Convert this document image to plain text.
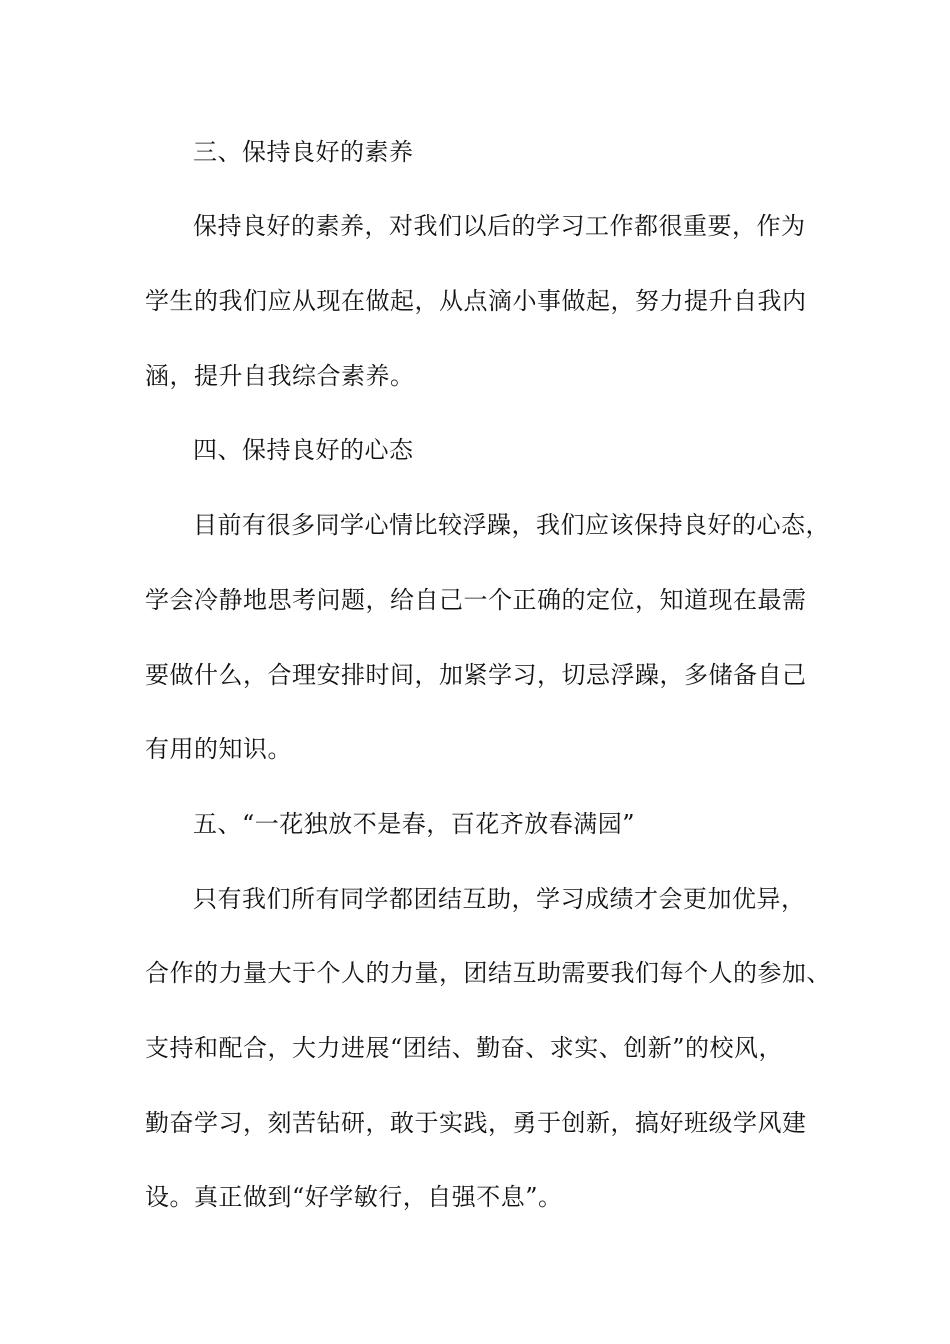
三、保持良好的素养
保持良好的素养，对我们以后的学习工作都很重要，作为
学生的我们应从现在做起，从点滴小事做起，努力提升自我内
涵，提升自我综合素养。
四、保持良好的心态
目前有很多同学心情比较浮躁，我们应该保持良好的心态，
学会冷静地思考问题，给自己一个正确的定位，知道现在最需
要做什么，合理安排时间，加紧学习，切忌浮躁，多储备自己
有用的知识。
五、“一花独放不是春，百花齐放春满园”
只有我们所有同学都团结互助，学习成绩才会更加优异，
合作的力量大于个人的力量，团结互助需要我们每个人的参加、
支持和配合，大力进展“团结、勤奋、求实、创新”的校风，
勤奋学习，刻苦钻研，敢于实践，勇于创新，搞好班级学风建
设。真正做到“好学敏行，自强不息”。
